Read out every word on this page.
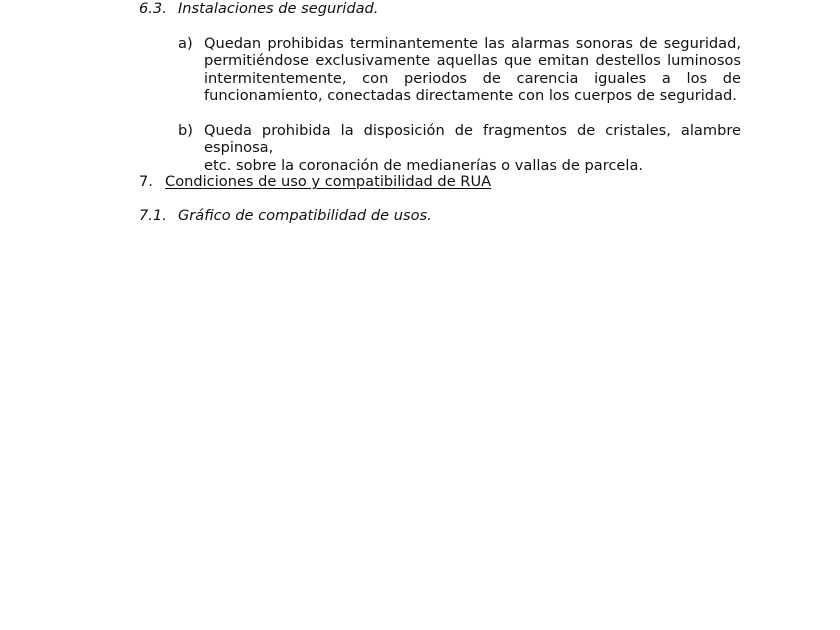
6.3. Instalaciones de seguridad.
a) Quedan prohibidas terminantemente las alarmas sonoras de seguridad,
permitiéndose exclusivamente aquellas que emitan destellos luminosos
intermitentemente, con periodos de carencia iguales a los de
funcionamiento, conectadas directamente con los cuerpos de seguridad.
b) Queda prohibida la disposición de fragmentos de cristales, alambre espinosa,
etc. sobre la coronación de medianerías o vallas de parcela.
7. Condiciones de uso y compatibilidad de RUA
7.1. Gráfico de compatibilidad de usos.
